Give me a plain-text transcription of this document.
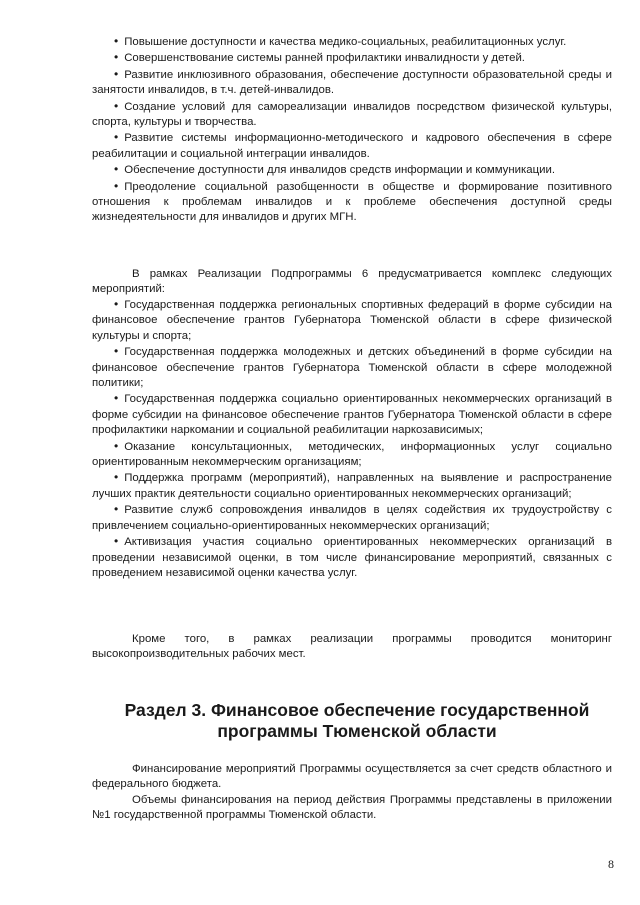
• Повышение доступности и качества медико-социальных, реабилитационных услуг.
• Совершенствование системы ранней профилактики инвалидности у детей.
• Развитие инклюзивного образования, обеспечение доступности образовательной среды и занятости инвалидов, в т.ч. детей-инвалидов.
• Создание условий для самореализации инвалидов посредством физической культуры, спорта, культуры и творчества.
• Развитие системы информационно-методического и кадрового обеспечения в сфере реабилитации и социальной интеграции инвалидов.
• Обеспечение доступности для инвалидов средств информации и коммуникации.
• Преодоление социальной разобщенности в обществе и формирование позитивного отношения к проблемам инвалидов и к проблеме обеспечения доступной среды жизнедеятельности для инвалидов и других МГН.
В рамках Реализации Подпрограммы 6 предусматривается комплекс следующих мероприятий:
• Государственная поддержка региональных спортивных федераций в форме субсидии на финансовое обеспечение грантов Губернатора Тюменской области в сфере физической культуры и спорта;
• Государственная поддержка молодежных и детских объединений в форме субсидии на финансовое обеспечение грантов Губернатора Тюменской области в сфере молодежной политики;
• Государственная поддержка социально ориентированных некоммерческих организаций в форме субсидии на финансовое обеспечение грантов Губернатора Тюменской области в сфере профилактики наркомании и социальной реабилитации наркозависимых;
• Оказание консультационных, методических, информационных услуг социально ориентированным некоммерческим организациям;
• Поддержка программ (мероприятий), направленных на выявление и распространение лучших практик деятельности социально ориентированных некоммерческих организаций;
• Развитие служб сопровождения инвалидов в целях содействия их трудоустройству с привлечением социально-ориентированных некоммерческих организаций;
• Активизация участия социально ориентированных некоммерческих организаций в проведении независимой оценки, в том числе финансирование мероприятий, связанных с проведением независимой оценки качества услуг.
Кроме того, в рамках реализации программы проводится мониторинг высокопроизводительных рабочих мест.
Раздел 3. Финансовое обеспечение государственной программы Тюменской области
Финансирование мероприятий Программы осуществляется за счет средств областного и федерального бюджета.
Объемы финансирования на период действия Программы представлены в приложении №1 государственной программы Тюменской области.
8
